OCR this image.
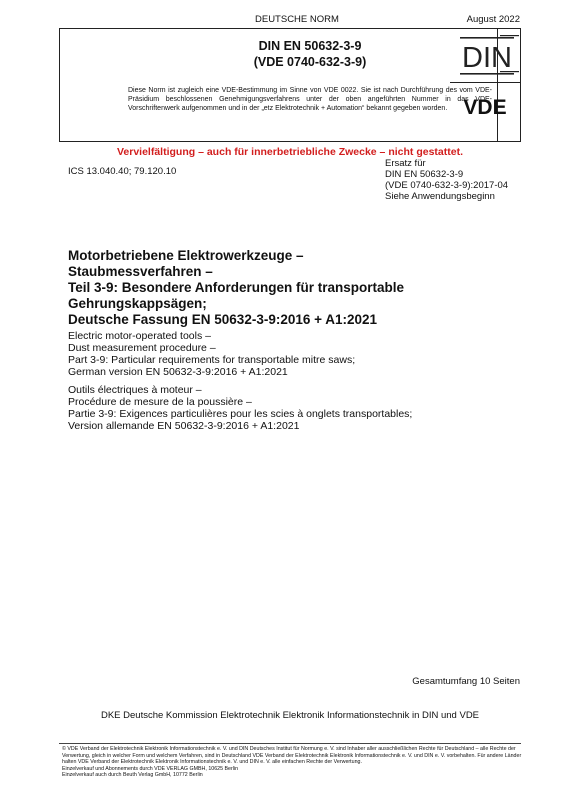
DEUTSCHE NORM	August 2022
DIN EN 50632-3-9
(VDE 0740-632-3-9)
Diese Norm ist zugleich eine VDE-Bestimmung im Sinne von VDE 0022. Sie ist nach Durchführung des vom VDE-Präsidium beschlossenen Genehmigungsverfahrens unter der oben angeführten Nummer in das VDE-Vorschriftenwerk aufgenommen und in der „etz Elektrotechnik + Automation“ bekannt gegeben worden.
DIN
VDE
Vervielfältigung – auch für innerbetriebliche Zwecke – nicht gestattet.
ICS 13.040.40; 79.120.10
Ersatz für
DIN EN 50632-3-9
(VDE 0740-632-3-9):2017-04
Siehe Anwendungsbeginn
Motorbetriebene Elektrowerkzeuge –
Staubmessverfahren –
Teil 3-9: Besondere Anforderungen für transportable
Gehrungskappsägen;
Deutsche Fassung EN 50632-3-9:2016 + A1:2021
Electric motor-operated tools –
Dust measurement procedure –
Part 3-9: Particular requirements for transportable mitre saws;
German version EN 50632-3-9:2016 + A1:2021
Outils électriques à moteur –
Procédure de mesure de la poussière –
Partie 3-9: Exigences particulières pour les scies à onglets transportables;
Version allemande EN 50632-3-9:2016 + A1:2021
Gesamtumfang 10 Seiten
DKE Deutsche Kommission Elektrotechnik Elektronik Informationstechnik in DIN und VDE
© VDE Verband der Elektrotechnik Elektronik Informationstechnik e. V. und DIN Deutsches Institut für Normung e. V. sind Inhaber aller ausschließlichen Rechte für Deutschland – alle Rechte der Verwertung, gleich in welcher Form und welchem Verfahren, sind in Deutschland VDE Verband der Elektrotechnik Elektronik Informationstechnik e. V. und DIN e. V. vorbehalten. Für andere Länder halten VDE Verband der Elektrotechnik Elektronik Informationstechnik e. V. und DIN e. V. alle einfachen Rechte der Verwertung.
Einzelverkauf und Abonnements durch VDE VERLAG GMBH, 10625 Berlin
Einzelverkauf auch durch Beuth Verlag GmbH, 10772 Berlin
